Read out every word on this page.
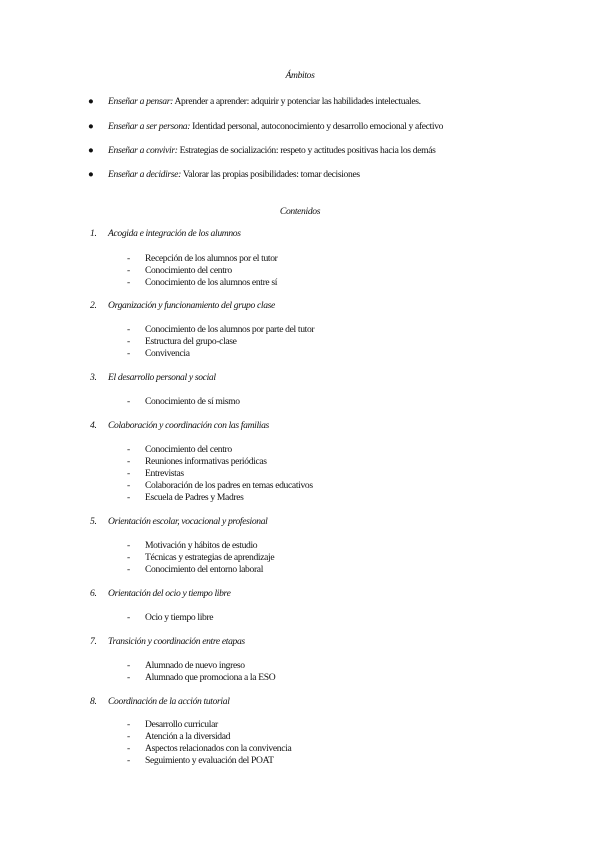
Ámbitos
● Enseñar a pensar: Aprender a aprender: adquirir y potenciar las habilidades intelectuales.
● Enseñar a ser persona: Identidad personal, autoconocimiento y desarrollo emocional y afectivo
● Enseñar a convivir: Estrategias de socialización: respeto y actitudes positivas hacia los demás
● Enseñar a decidirse: Valorar las propias posibilidades: tomar decisiones
Contenidos
1. Acogida e integración de los alumnos
- Recepción de los alumnos por el tutor
- Conocimiento del centro
- Conocimiento de los alumnos entre sí
2. Organización y funcionamiento del grupo clase
- Conocimiento de los alumnos por parte del tutor
- Estructura del grupo-clase
- Convivencia
3. El desarrollo personal y social
- Conocimiento de sí mismo
4. Colaboración y coordinación con las familias
- Conocimiento del centro
- Reuniones informativas periódicas
- Entrevistas
- Colaboración de los padres en temas educativos
- Escuela de Padres y Madres
5. Orientación escolar, vocacional y profesional
- Motivación y hábitos de estudio
- Técnicas y estrategias de aprendizaje
- Conocimiento del entorno laboral
6. Orientación del ocio y tiempo libre
- Ocio y tiempo libre
7. Transición y coordinación entre etapas
- Alumnado de nuevo ingreso
- Alumnado que promociona a la ESO
8. Coordinación de la acción tutorial
- Desarrollo curricular
- Atención a la diversidad
- Aspectos relacionados con la convivencia
- Seguimiento y evaluación del POAT
